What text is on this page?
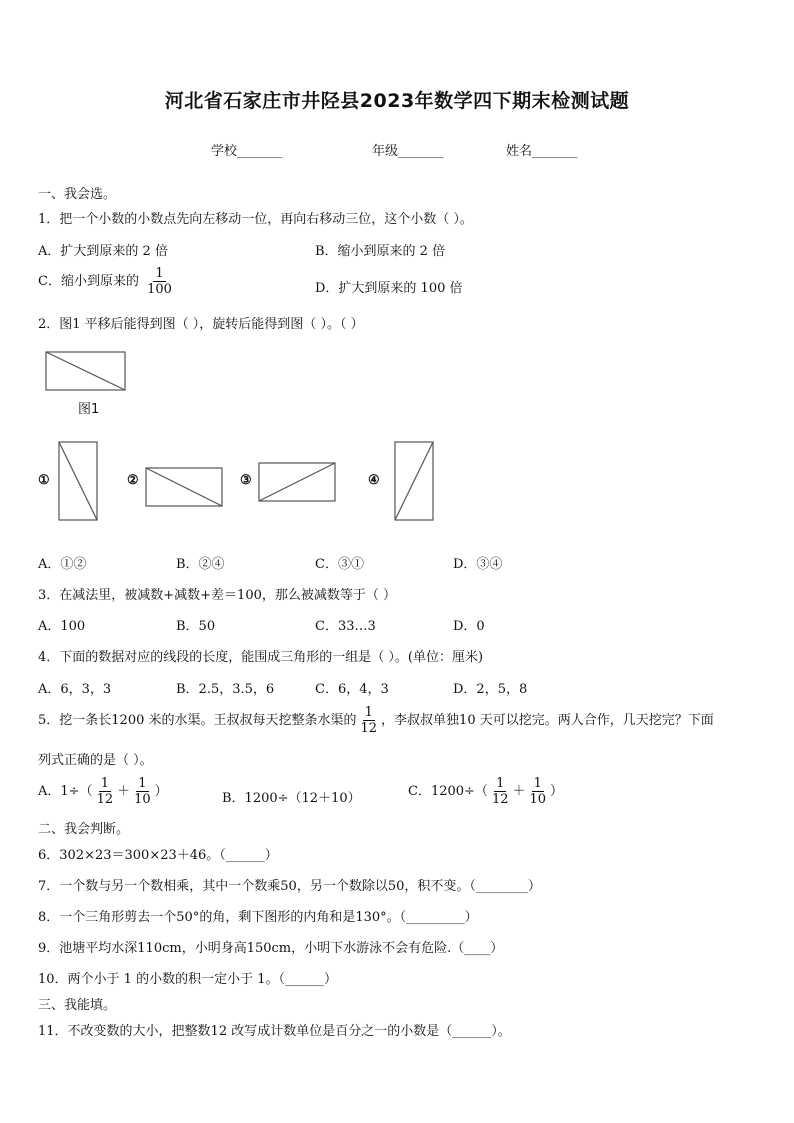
河北省石家庄市井陉县2023年数学四下期末检测试题
学校_______	年级_______	姓名_______
一、我会选。
1．把一个小数的小数点先向左移动一位，再向右移动三位，这个小数（ ）。
A．扩大到原来的 2 倍	B．缩小到原来的 2 倍
C．缩小到原来的 $\frac{1}{100}$	D．扩大到原来的 100 倍
2．图1 平移后能得到图（ ），旋转后能得到图（ ）。（ ）
图1
①	②	③	④
A．①②	B．②④	C．③①	D．③④
3．在减法里，被减数+减数+差＝100，那么被减数等于（ ）
A．100	B．50	C．33…3	D．0
4．下面的数据对应的线段的长度，能围成三角形的一组是（ ）。(单位：厘米)
A．6，3，3	B．2.5，3.5，6	C．6，4，3	D．2，5，8
5．挖一条长1200 米的水渠。王叔叔每天挖整条水渠的 $\frac{1}{12}$ ，李叔叔单独10 天可以挖完。两人合作，几天挖完？下面
列式正确的是（ ）。
A．$1\div( \frac{1}{12} + \frac{1}{10}$ ）	B．1200÷（12＋10）	C．$1200\div( \frac{1}{12} + \frac{1}{10}$ ）
二、我会判断。
6．302×23＝300×23＋46。（______）
7．一个数与另一个数相乘，其中一个数乘50，另一个数除以50，积不变。（________）
8．一个三角形剪去一个50°的角，剩下图形的内角和是130°。（_________）
9．池塘平均水深110cm，小明身高150cm，小明下水游泳不会有危险.（____）
10．两个小于 1 的小数的积一定小于 1。（______）
三、我能填。
11．不改变数的大小，把整数12 改写成计数单位是百分之一的小数是（______）。
